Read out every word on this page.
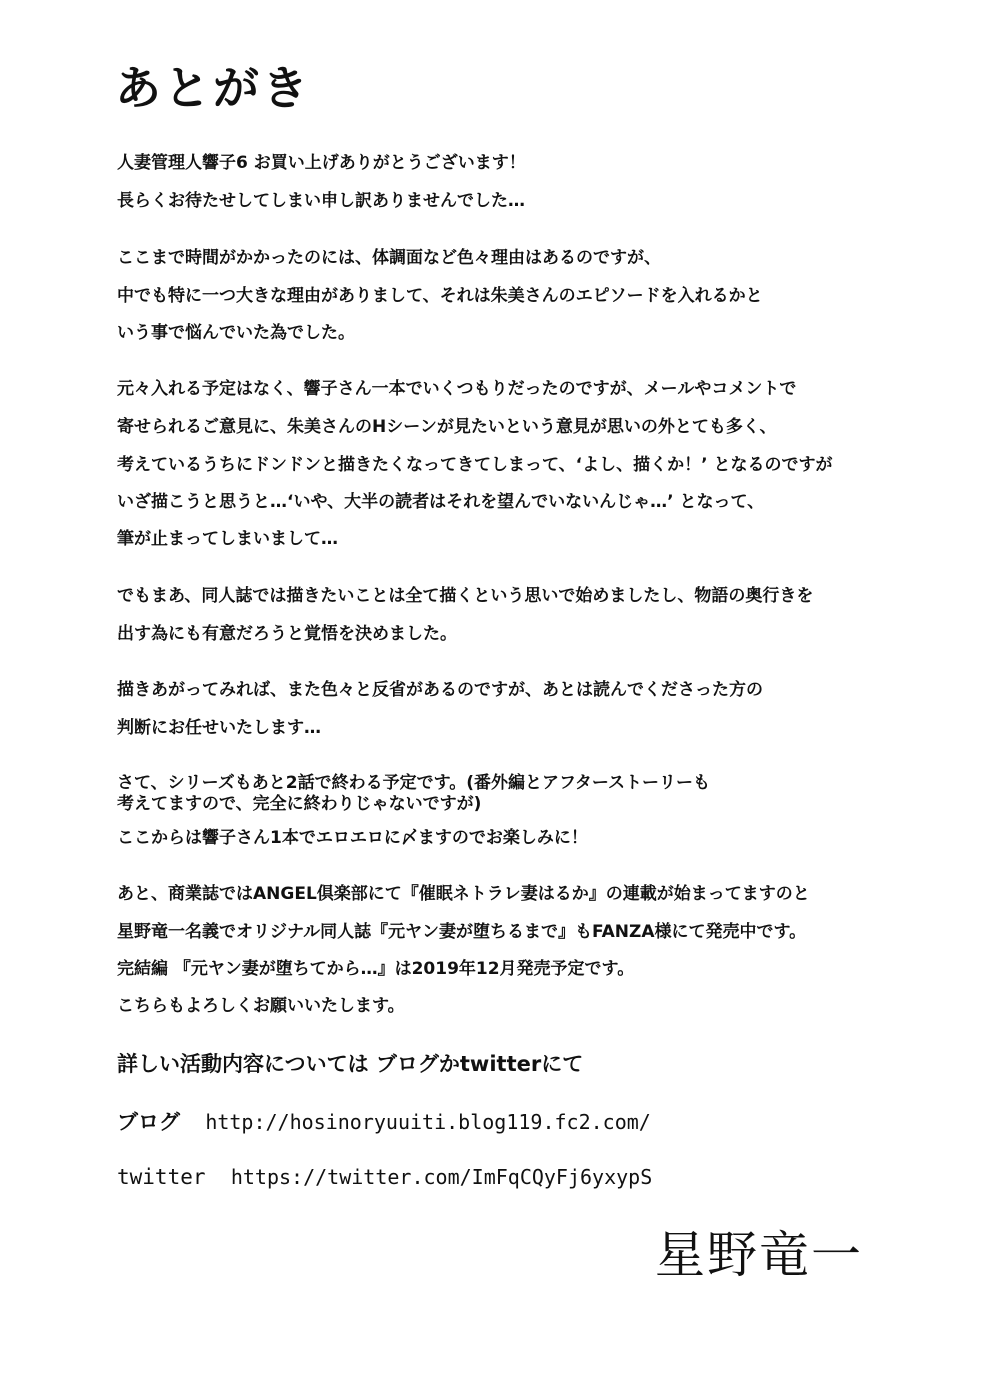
あとがき

人妻管理人響子6 お買い上げありがとうございます！

長らくお待たせしてしまい申し訳ありませんでした…

ここまで時間がかかったのには、体調面など色々理由はあるのですが、

中でも特に一つ大きな理由がありまして、それは朱美さんのエピソードを入れるかと

いう事で悩んでいた為でした。

元々入れる予定はなく、響子さん一本でいくつもりだったのですが、メールやコメントで

寄せられるご意見に、朱美さんのHシーンが見たいという意見が思いの外とても多く、

考えているうちにドンドンと描きたくなってきてしまって、‘よし、描くか！’ となるのですが

いざ描こうと思うと…‘いや、大半の読者はそれを望んでいないんじゃ…’ となって、

筆が止まってしまいまして…

でもまあ、同人誌では描きたいことは全て描くという思いで始めましたし、物語の奥行きを

出す為にも有意だろうと覚悟を決めました。

描きあがってみれば、また色々と反省があるのですが、あとは読んでくださった方の

判断にお任せいたします…

さて、シリーズもあと2話で終わる予定です。(番外編とアフターストーリーも

考えてますので、完全に終わりじゃないですが)

ここからは響子さん1本でエロエロに〆ますのでお楽しみに！

あと、商業誌ではANGEL倶楽部にて『催眠ネトラレ妻はるか』の連載が始まってますのと

星野竜一名義でオリジナル同人誌『元ヤン妻が堕ちるまで』もFANZA様にて発売中です。

完結編 『元ヤン妻が堕ちてから…』は2019年12月発売予定です。

こちらもよろしくお願いいたします。

詳しい活動内容については ブログかtwitterにて

ブログ http://hosinoryuuiti.blog119.fc2.com/

twitter https://twitter.com/ImFqCQyFj6yxypS

星野竜一
